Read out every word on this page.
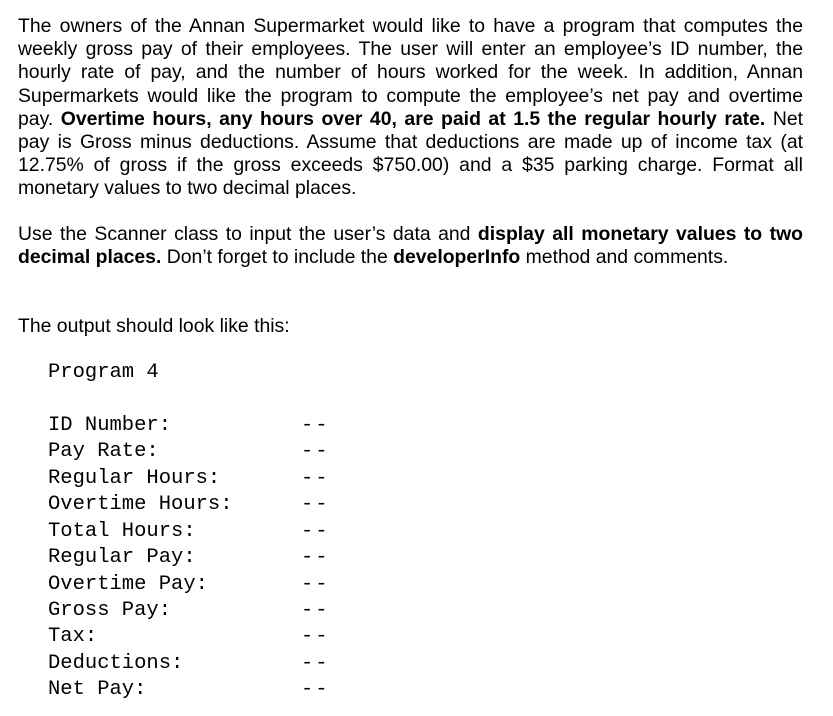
The owners of the Annan Supermarket would like to have a program that computes the weekly gross pay of their employees. The user will enter an employee’s ID number, the hourly rate of pay, and the number of hours worked for the week. In addition, Annan Supermarkets would like the program to compute the employee’s net pay and overtime pay. Overtime hours, any hours over 40, are paid at 1.5 the regular hourly rate. Net pay is Gross minus deductions. Assume that deductions are made up of income tax (at 12.75% of gross if the gross exceeds $750.00) and a $35 parking charge. Format all monetary values to two decimal places.

Use the Scanner class to input the user’s data and display all monetary values to two decimal places. Don’t forget to include the developerInfo method and comments.

The output should look like this:

Program 4
ID Number:	--
Pay Rate:	--
Regular Hours:	--
Overtime Hours:	--
Total Hours:	--
Regular Pay:	--
Overtime Pay:	--
Gross Pay:	--
Tax:	--
Deductions:	--
Net Pay:	--
